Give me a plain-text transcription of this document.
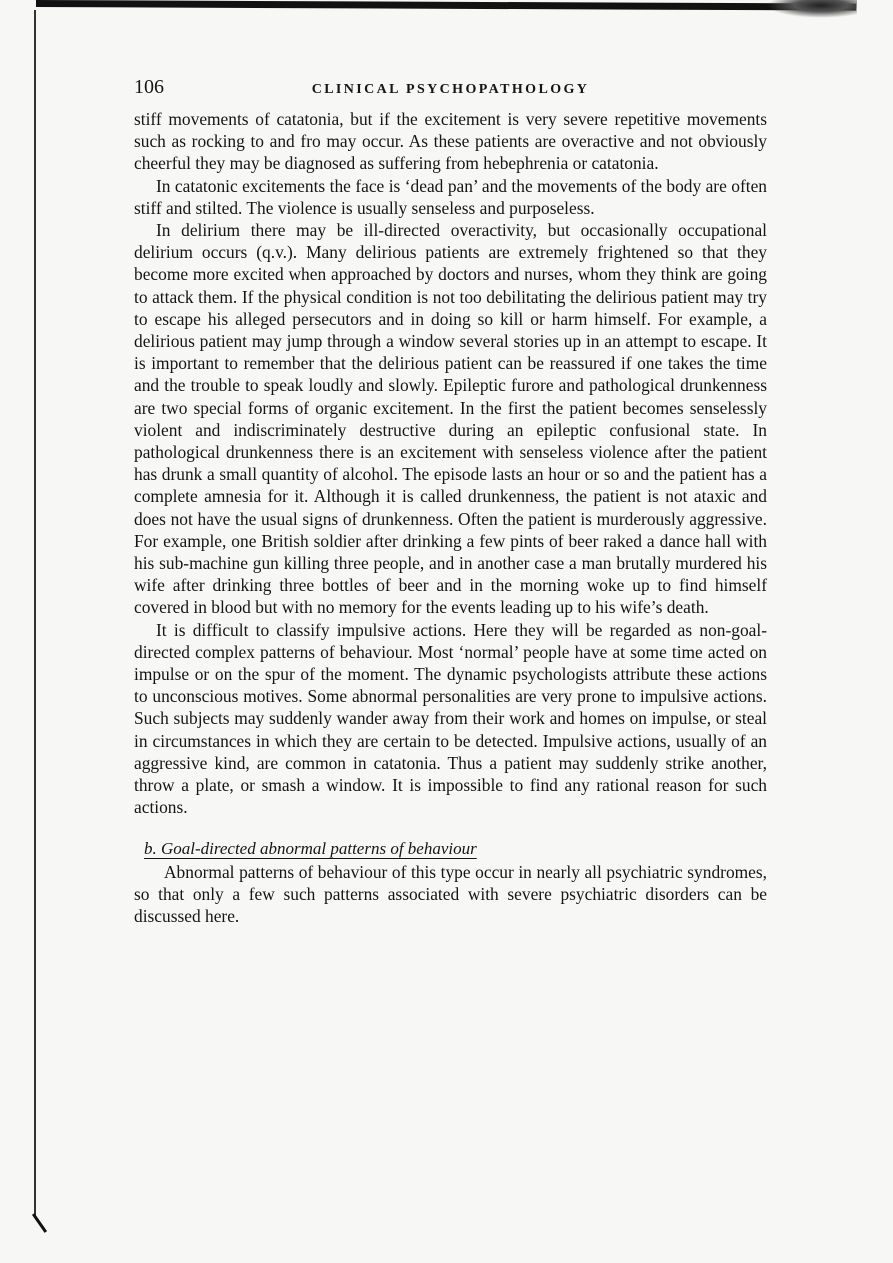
106	CLINICAL PSYCHOPATHOLOGY

stiff movements of catatonia, but if the excitement is very severe repetitive movements such as rocking to and fro may occur. As these patients are overactive and not obviously cheerful they may be diagnosed as suffering from hebephrenia or catatonia.

In catatonic excitements the face is ‘dead pan’ and the movements of the body are often stiff and stilted. The violence is usually senseless and purposeless.

In delirium there may be ill-directed overactivity, but occasionally occupational delirium occurs (q.v.). Many delirious patients are extremely frightened so that they become more excited when approached by doctors and nurses, whom they think are going to attack them. If the physical condition is not too debilitating the delirious patient may try to escape his alleged persecutors and in doing so kill or harm himself. For example, a delirious patient may jump through a window several stories up in an attempt to escape. It is important to remember that the delirious patient can be reassured if one takes the time and the trouble to speak loudly and slowly. Epileptic furore and pathological drunkenness are two special forms of organic excitement. In the first the patient becomes senselessly violent and indiscriminately destructive during an epileptic confusional state. In pathological drunkenness there is an excitement with senseless violence after the patient has drunk a small quantity of alcohol. The episode lasts an hour or so and the patient has a complete amnesia for it. Although it is called drunkenness, the patient is not ataxic and does not have the usual signs of drunkenness. Often the patient is murderously aggressive. For example, one British soldier after drinking a few pints of beer raked a dance hall with his sub-machine gun killing three people, and in another case a man brutally murdered his wife after drinking three bottles of beer and in the morning woke up to find himself covered in blood but with no memory for the events leading up to his wife’s death.

It is difficult to classify impulsive actions. Here they will be regarded as non-goal-directed complex patterns of behaviour. Most ‘normal’ people have at some time acted on impulse or on the spur of the moment. The dynamic psychologists attribute these actions to unconscious motives. Some abnormal personalities are very prone to impulsive actions. Such subjects may suddenly wander away from their work and homes on impulse, or steal in circumstances in which they are certain to be detected. Impulsive actions, usually of an aggressive kind, are common in catatonia. Thus a patient may suddenly strike another, throw a plate, or smash a window. It is impossible to find any rational reason for such actions.

b. Goal-directed abnormal patterns of behaviour

Abnormal patterns of behaviour of this type occur in nearly all psychiatric syndromes, so that only a few such patterns associated with severe psychiatric disorders can be discussed here.
